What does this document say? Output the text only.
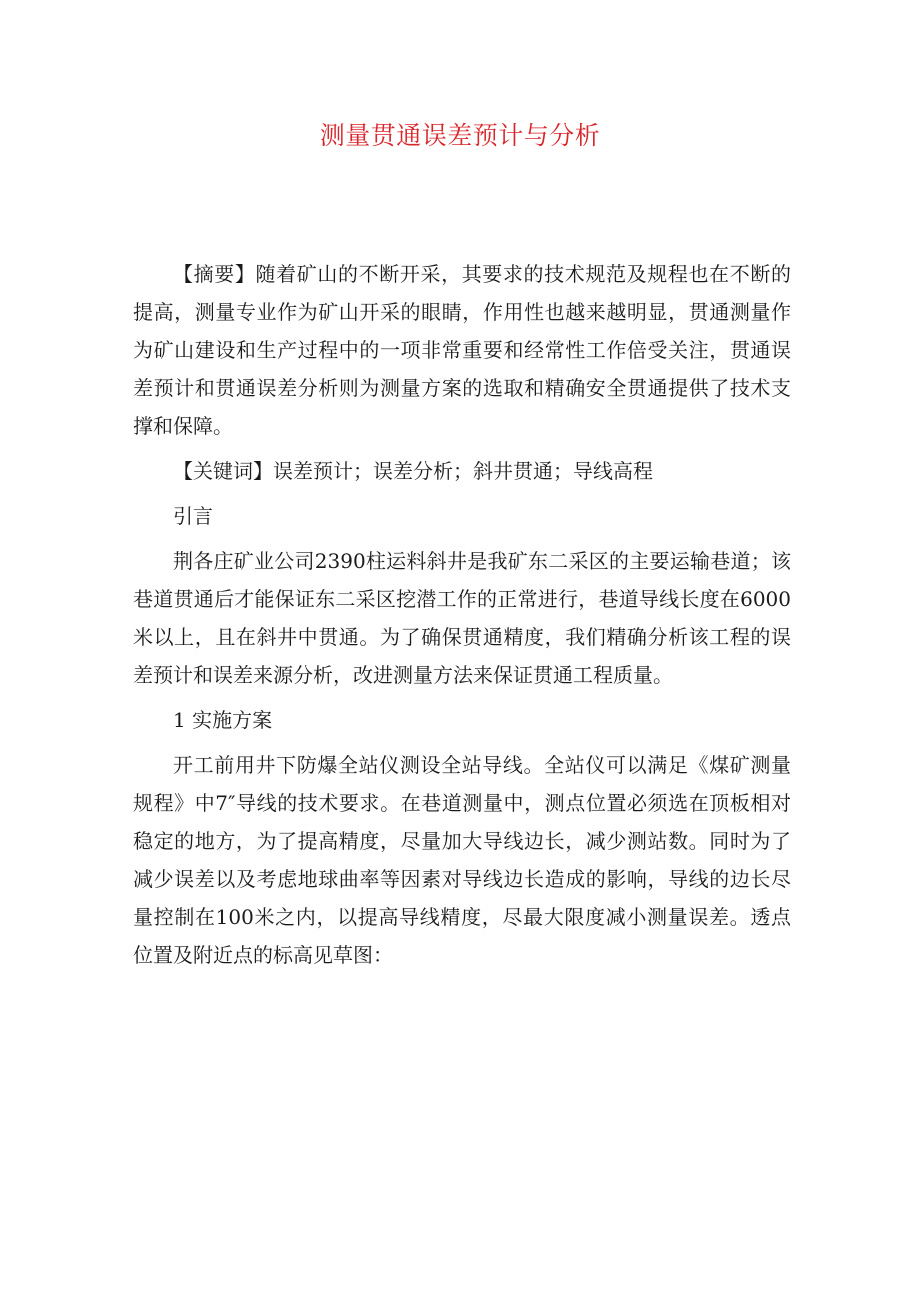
测量贯通误差预计与分析

【摘要】随着矿山的不断开采，其要求的技术规范及规程也在不断的提高，测量专业作为矿山开采的眼睛，作用性也越来越明显，贯通测量作为矿山建设和生产过程中的一项非常重要和经常性工作倍受关注，贯通误差预计和贯通误差分析则为测量方案的选取和精确安全贯通提供了技术支撑和保障。

【关键词】误差预计；误差分析；斜井贯通；导线高程

引言

荆各庄矿业公司2390柱运料斜井是我矿东二采区的主要运输巷道；该巷道贯通后才能保证东二采区挖潜工作的正常进行，巷道导线长度在6000米以上，且在斜井中贯通。为了确保贯通精度，我们精确分析该工程的误差预计和误差来源分析，改进测量方法来保证贯通工程质量。

1 实施方案

开工前用井下防爆全站仪测设全站导线。全站仪可以满足《煤矿测量规程》中7″导线的技术要求。在巷道测量中，测点位置必须选在顶板相对稳定的地方，为了提高精度，尽量加大导线边长，减少测站数。同时为了减少误差以及考虑地球曲率等因素对导线边长造成的影响，导线的边长尽量控制在100米之内，以提高导线精度，尽最大限度减小测量误差。透点位置及附近点的标高见草图：
